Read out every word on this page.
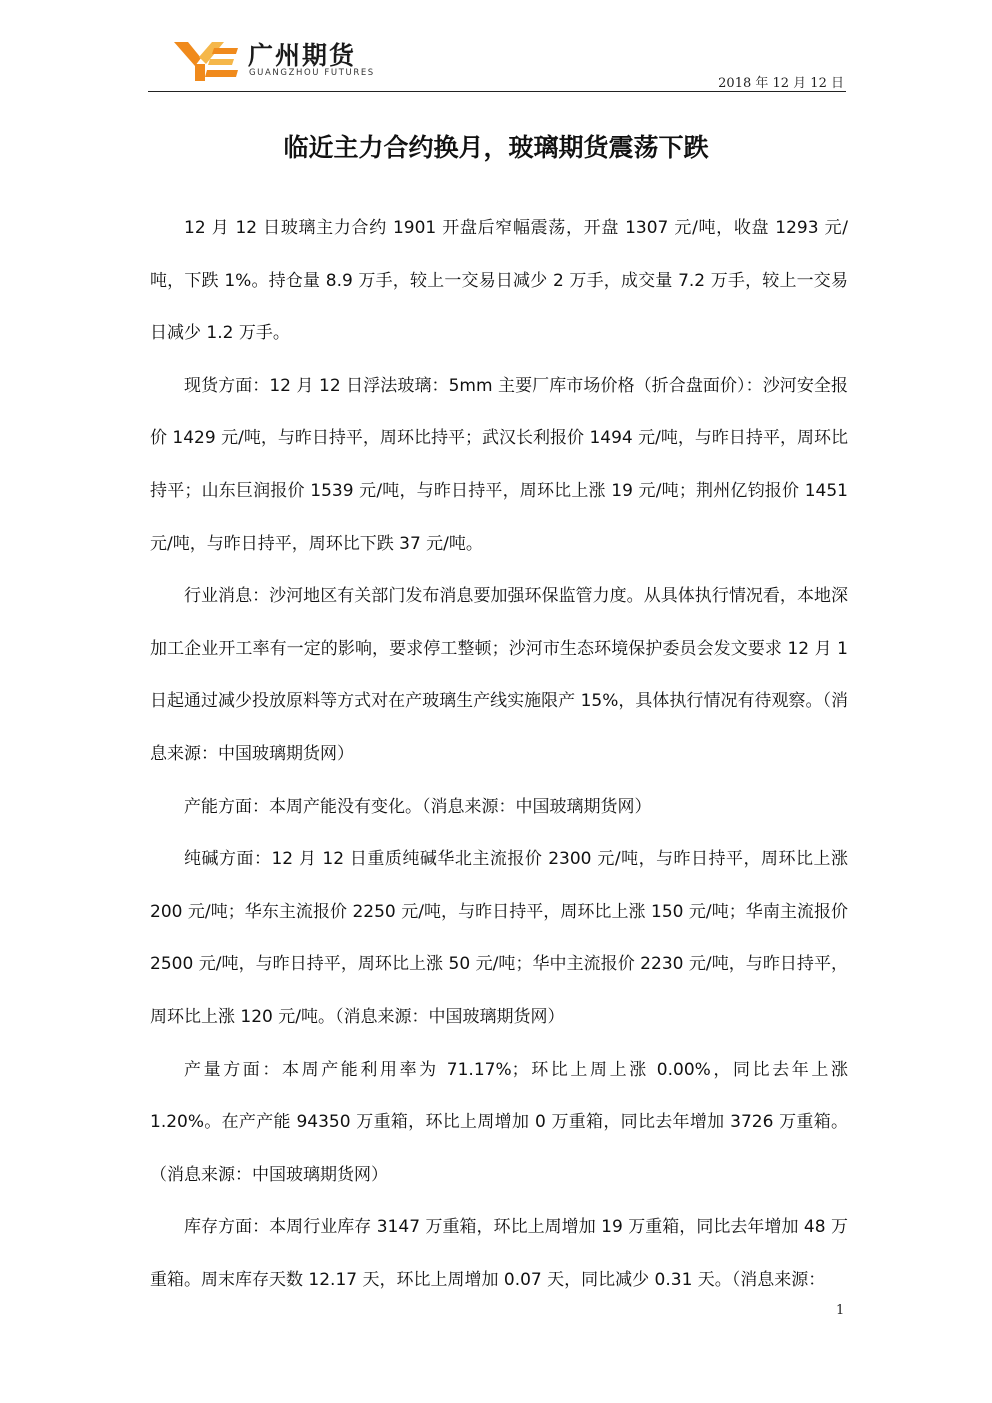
广州期货
GUANGZHOU FUTURES
2018 年 12 月 12 日
临近主力合约换月，玻璃期货震荡下跌

12 月 12 日玻璃主力合约 1901 开盘后窄幅震荡，开盘 1307 元/吨，收盘 1293 元/吨，下跌 1%。持仓量 8.9 万手，较上一交易日减少 2 万手，成交量 7.2 万手，较上一交易日减少 1.2 万手。

现货方面：12 月 12 日浮法玻璃：5mm 主要厂库市场价格（折合盘面价）：沙河安全报价 1429 元/吨，与昨日持平，周环比持平；武汉长利报价 1494 元/吨，与昨日持平，周环比持平；山东巨润报价 1539 元/吨，与昨日持平，周环比上涨 19 元/吨；荆州亿钧报价 1451 元/吨，与昨日持平，周环比下跌 37 元/吨。

行业消息：沙河地区有关部门发布消息要加强环保监管力度。从具体执行情况看，本地深加工企业开工率有一定的影响，要求停工整顿；沙河市生态环境保护委员会发文要求 12 月 1 日起通过减少投放原料等方式对在产玻璃生产线实施限产 15%，具体执行情况有待观察。（消息来源：中国玻璃期货网）

产能方面：本周产能没有变化。（消息来源：中国玻璃期货网）

纯碱方面：12 月 12 日重质纯碱华北主流报价 2300 元/吨，与昨日持平，周环比上涨 200 元/吨；华东主流报价 2250 元/吨，与昨日持平，周环比上涨 150 元/吨；华南主流报价 2500 元/吨，与昨日持平，周环比上涨 50 元/吨；华中主流报价 2230 元/吨，与昨日持平，周环比上涨 120 元/吨。（消息来源：中国玻璃期货网）

产量方面：本周产能利用率为 71.17%；环比上周上涨 0.00%，同比去年上涨 1.20%。在产产能 94350 万重箱，环比上周增加 0 万重箱，同比去年增加 3726 万重箱。（消息来源：中国玻璃期货网）

库存方面：本周行业库存 3147 万重箱，环比上周增加 19 万重箱，同比去年增加 48 万重箱。周末库存天数 12.17 天，环比上周增加 0.07 天，同比减少 0.31 天。（消息来源：

1
